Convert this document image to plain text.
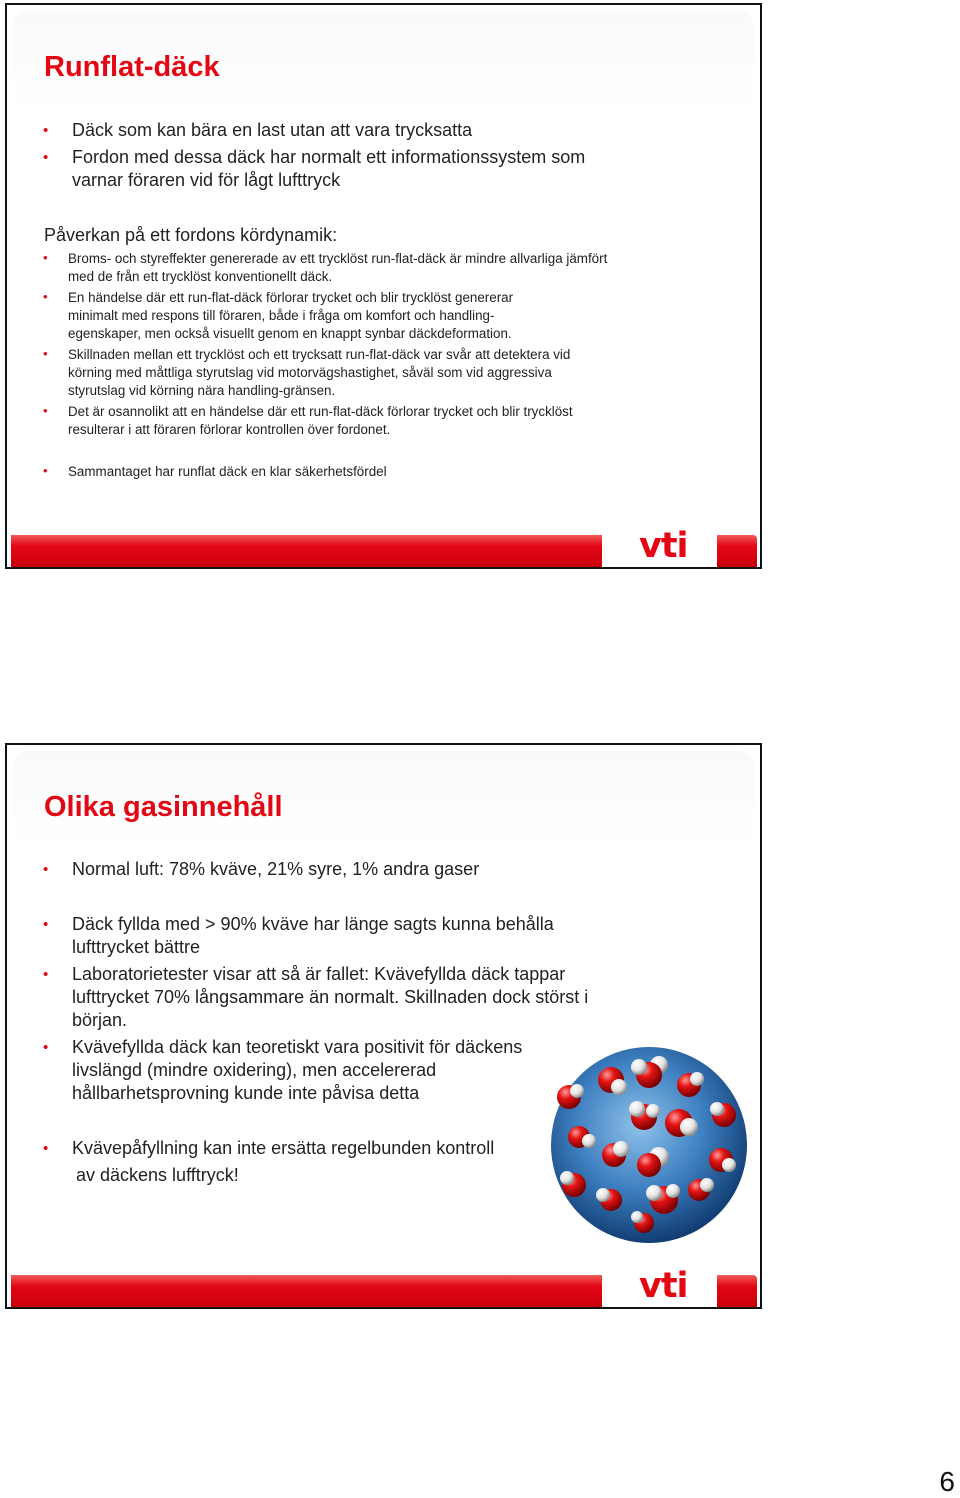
Runflat-däck
• Däck som kan bära en last utan att vara trycksatta
• Fordon med dessa däck har normalt ett informationssystem som varnar föraren vid för lågt lufttryck

Påverkan på ett fordons kördynamik:

• Broms- och styreffekter genererade av ett trycklöst run-flat-däck är mindre allvarliga jämfört med de från ett trycklöst konventionellt däck.
• En händelse där ett run-flat-däck förlorar trycket och blir trycklöst genererar minimalt med respons till föraren, både i fråga om komfort och handling-egenskaper, men också visuellt genom en knappt synbar däckdeformation.
• Skillnaden mellan ett trycklöst och ett trycksatt run-flat-däck var svår att detektera vid körning med måttliga styrutslag vid motorvägshastighet, såväl som vid aggressiva styrutslag vid körning nära handling-gränsen.
• Det är osannolikt att en händelse där ett run-flat-däck förlorar trycket och blir trycklöst resulterar i att föraren förlorar kontrollen över fordonet.
• Sammantaget har runflat däck en klar säkerhetsfördel
vti
Olika gasinnehåll
• Normal luft: 78% kväve, 21% syre, 1% andra gaser
• Däck fyllda med > 90% kväve har länge sagts kunna behålla lufttrycket bättre
• Laboratorietester visar att så är fallet: Kvävefyllda däck tappar lufttrycket 70% långsammare än normalt. Skillnaden dock störst i början.
• Kvävefyllda däck kan teoretiskt vara positivit för däckens livslängd (mindre oxidering), men accelererad hållbarhetsprovning kunde inte påvisa detta
• Kvävepåfyllning kan inte ersätta regelbunden kontroll
av däckens lufftryck!
vti
6
